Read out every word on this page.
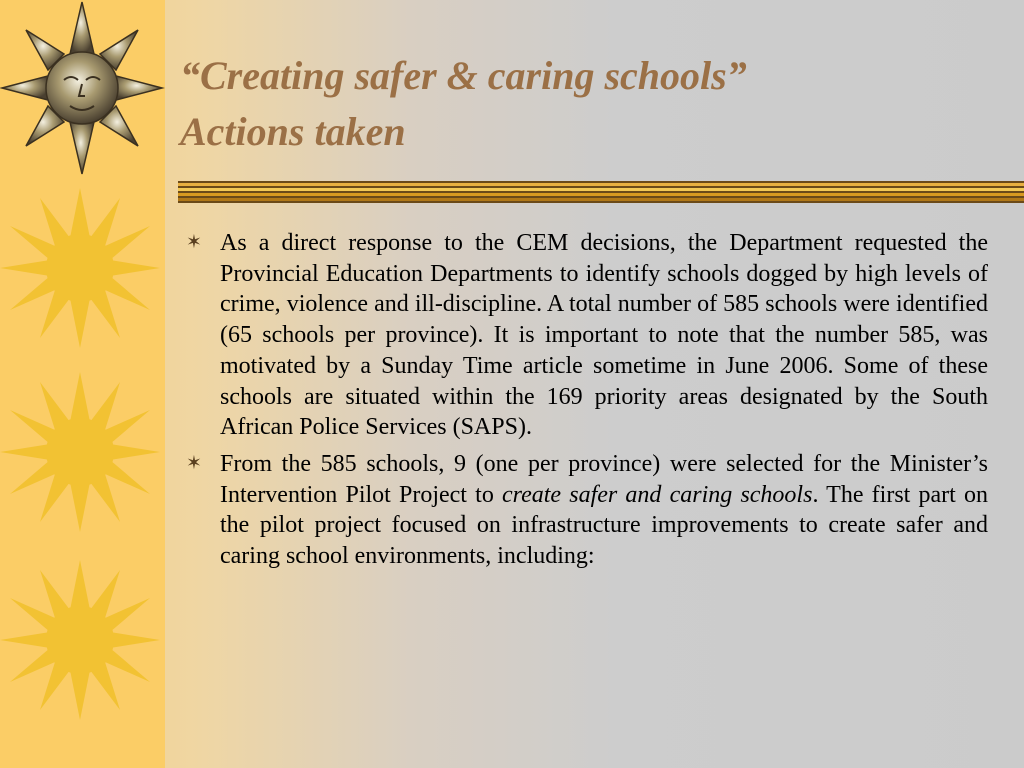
“Creating safer & caring schools”
Actions taken
✶ As a direct response to the CEM decisions, the Department requested the Provincial Education Departments to identify schools dogged by high levels of crime, violence and ill-discipline. A total number of 585 schools were identified (65 schools per province). It is important to note that the number 585, was motivated by a Sunday Time article sometime in June 2006. Some of these schools are situated within the 169 priority areas designated by the South African Police Services (SAPS).
✶ From the 585 schools, 9 (one per province) were selected for the Minister’s Intervention Pilot Project to create safer and caring schools. The first part on the pilot project focused on infrastructure improvements to create safer and caring school environments, including:
